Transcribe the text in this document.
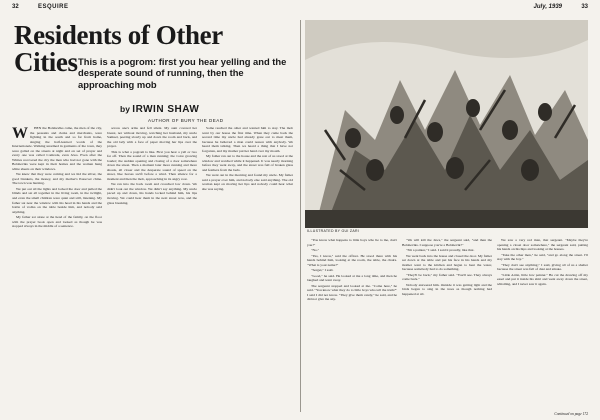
32	ESQUIRE	July, 1939	33
Residents of Other Cities This is a pogrom: first you hear yelling and the desperate sound of running, then the approaching mob
by IRWIN SHAW
AUTHOR OF BURY THE DEAD
W	HEN the Bolsheviks came, the men of the city, the peasants and clerks and merchants, were fighting in the south and so far from home, singing the half-learned words of the Internationale. Walking unarmed in garments of the town, they were galled on the streets at night and on set of prayer and every one was called Comrade, even Jews. Even after the Whites recovered the city the men who had not gone with the Bolsheviks were kept in their homes and the women hung white sheets on their windows.

We knew that they were coming and we hid the silver, the good blankets, the money, and my mother's Passover china. The town was burning.

We put out all the lights and locked the door and pulled the blinds and sat all together in the living room, in the twilight, and even the small children were quiet and still, listening. My father sat near the window with his head in his hands and the bottle of vodka on the table beside him, and nobody said anything.

My father sat alone at the head of the family, on the floor with the prayer book open and looked as though he was stopped always in the middle of a sentence.

across one's arms and fell silent. My aunt covered her breast, not without moving, watching her husband, my uncle Samuel, peering slowly up and down the room and back, and the old lady with a face of paper moving her lips over the prayer.

This is what a pogrom is like. First you hear a yell or two far off. Then the sound of a man running; the voice growing louder; the sudden opening and closing of a door somewhere down the street. Then a moment later more running and more shouts, all closer and the desperate sound of speed on the street, like horses swift before a wind. Then silence for a moment and then the mob, approaching in its angry roar.

We ran into the back room and crouched low down. We didn't look out the window. We didn't say anything. My uncle paced up and down, his hands locked behind him, his lips moving. We could hear them in the next street now, and the glass breaking.

Some reached the other and wanted him to stay. The mob went by our house the first time. When they came back the second time my uncle had already gone out to meet them, because he believed a man could reason with anybody. We heard them talking. Then we heard a thing that I have not forgotten, and my mother put her hand over my mouth.

My father ran out to the house and the rest of us stood at the window and watched while it happened. It was nearly morning before they went away, and the street was full of broken glass and feathers from the beds.

We went out in the morning and found my uncle. My father said a prayer over him, and nobody else said anything. The old woman kept on moving her lips and nobody could hear what she was saying.

ILLUSTRATED BY GUI ZARI

"You know what happens to little boys who lie to me, don't you?"

"No."

"Yes, I know," said the officer. He stood there with his hands behind him, looking at the room, the table, the chairs. "What is your name?"

"Sergei," I said.

"Good," he said. He looked at me a long time, and then he laughed and went away.

The sergeant stopped and looked at me. "Come here," he said. "You know what they do to little boys who tell the truth?" I said I did not know. "They give them candy," he said, and he did not give me any.

"We will kill the Jews," the sergeant said, "and then the Bolsheviks. I suppose you're a Bolshevik?"

"I'm a painter," I said. I said it proudly, like that.

We went back into the house and closed the door. My father sat down at the table and put his face in his hands and my mother went to the kitchen and began to heat the water, because somebody had to do something.

"They'll be back," my father said. "You'll see. They always come back."

Nobody answered him. Outside it was getting light and the birds began to sing in the trees as though nothing had happened at all.

We saw a very red man, that sergeant. "Maybe they're opening a closet door somewhere," the sergeant said, putting his hands on his hips and looking at the houses.

"Take the other men," he said, "and go along the street. I'll stay with the boy."

"They don't see anything," I said, giving all of us a shelter because the street was full of dust and smoke.

"Little Artist, little Jew painter." He cut the drawing off my easel and put it inside his shirt and went away down the street, whistling, and I never saw it again.

Continued on page 172
